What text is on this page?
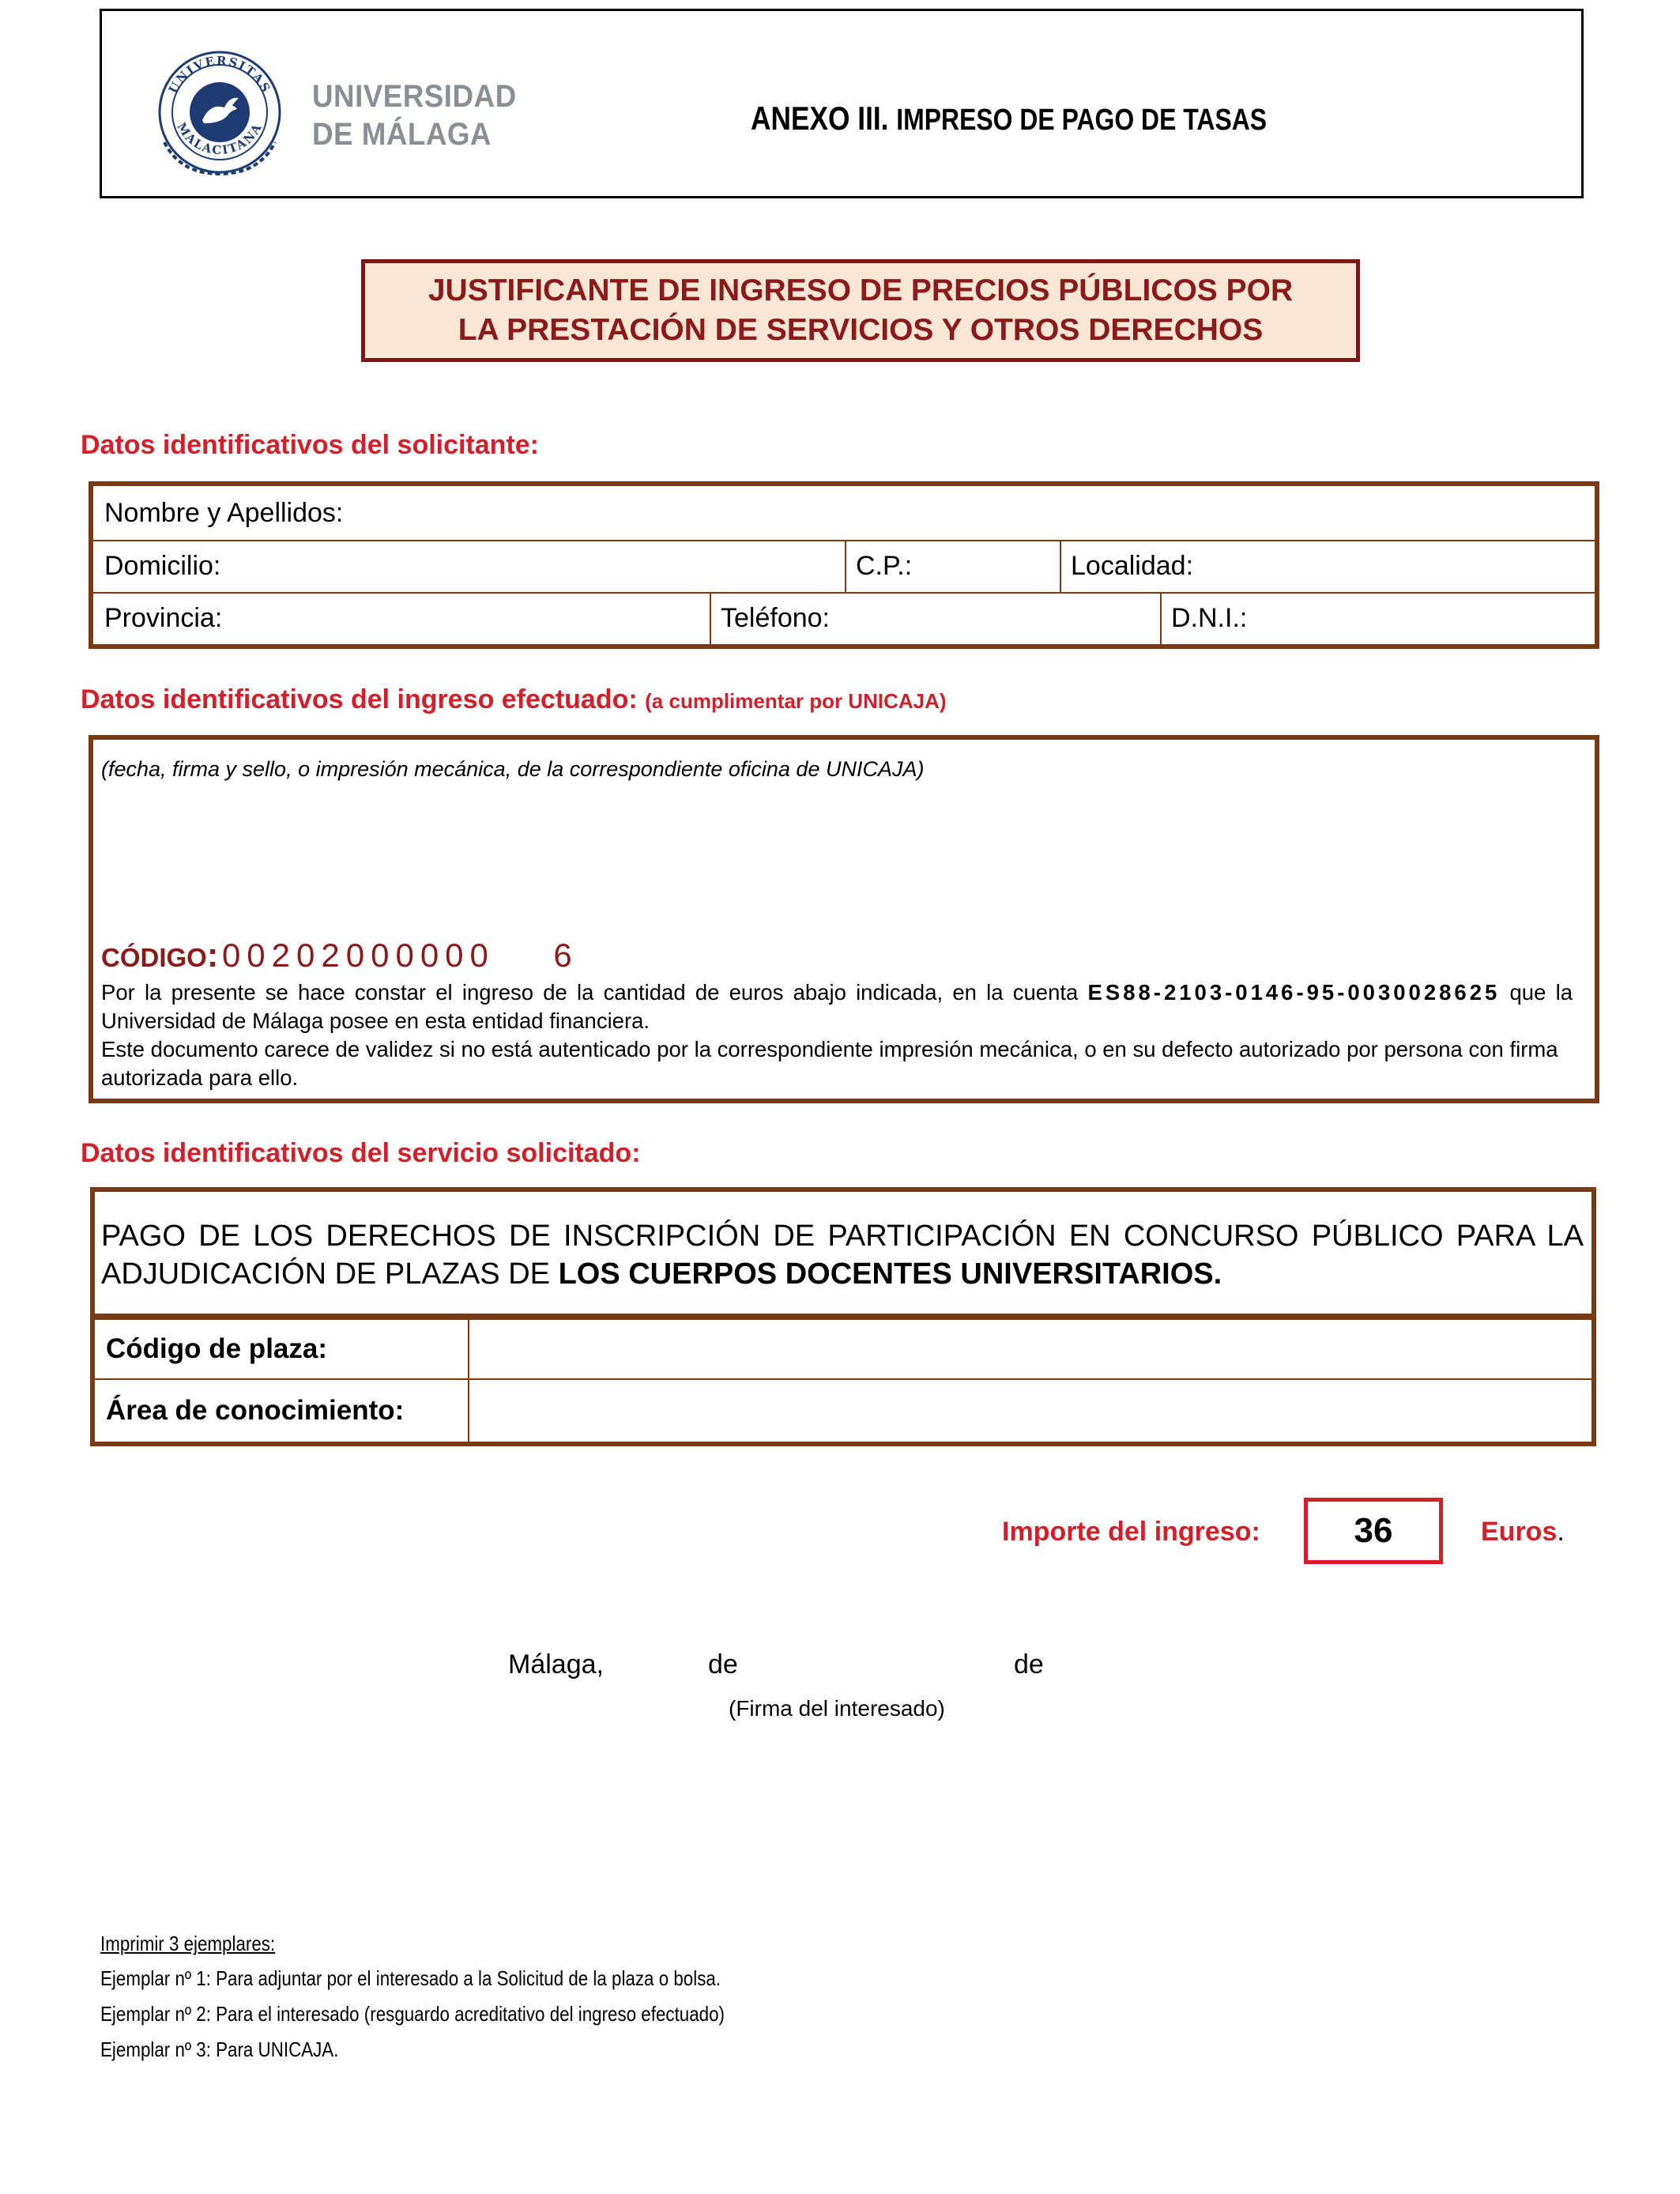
UNIVERSITAS
MALACITANA
UNIVERSIDAD
DE MÁLAGA	ANEXO III. IMPRESO DE PAGO DE TASAS
JUSTIFICANTE DE INGRESO DE PRECIOS PÚBLICOS POR
LA PRESTACIÓN DE SERVICIOS Y OTROS DERECHOS
Datos identificativos del solicitante:
Nombre y Apellidos:
Domicilio:	C.P.:	Localidad:
Provincia:	Teléfono:	D.N.I.:
Datos identificativos del ingreso efectuado: (a cumplimentar por UNICAJA)
(fecha, firma y sello, o impresión mecánica, de la correspondiente oficina de UNICAJA)
CÓDIGO: 00202000000 6
Por la presente se hace constar el ingreso de la cantidad de euros abajo indicada, en la cuenta ES88-2103-0146-95-0030028625 que la Universidad de Málaga posee en esta entidad financiera.
Este documento carece de validez si no está autenticado por la correspondiente impresión mecánica, o en su defecto autorizado por persona con firma autorizada para ello.
Datos identificativos del servicio solicitado:
Código de plaza:
Área de conocimiento:
PAGO DE LOS DERECHOS DE INSCRIPCIÓN DE PARTICIPACIÓN EN CONCURSO PÚBLICO PARA LA ADJUDICACIÓN DE PLAZAS DE LOS CUERPOS DOCENTES UNIVERSITARIOS.
Importe del ingreso:	36	Euros.
Málaga,	de	de
(Firma del interesado)
Imprimir 3 ejemplares:
Ejemplar nº 1: Para adjuntar por el interesado a la Solicitud de la plaza o bolsa.
Ejemplar nº 2: Para el interesado (resguardo acreditativo del ingreso efectuado)
Ejemplar nº 3: Para UNICAJA.
